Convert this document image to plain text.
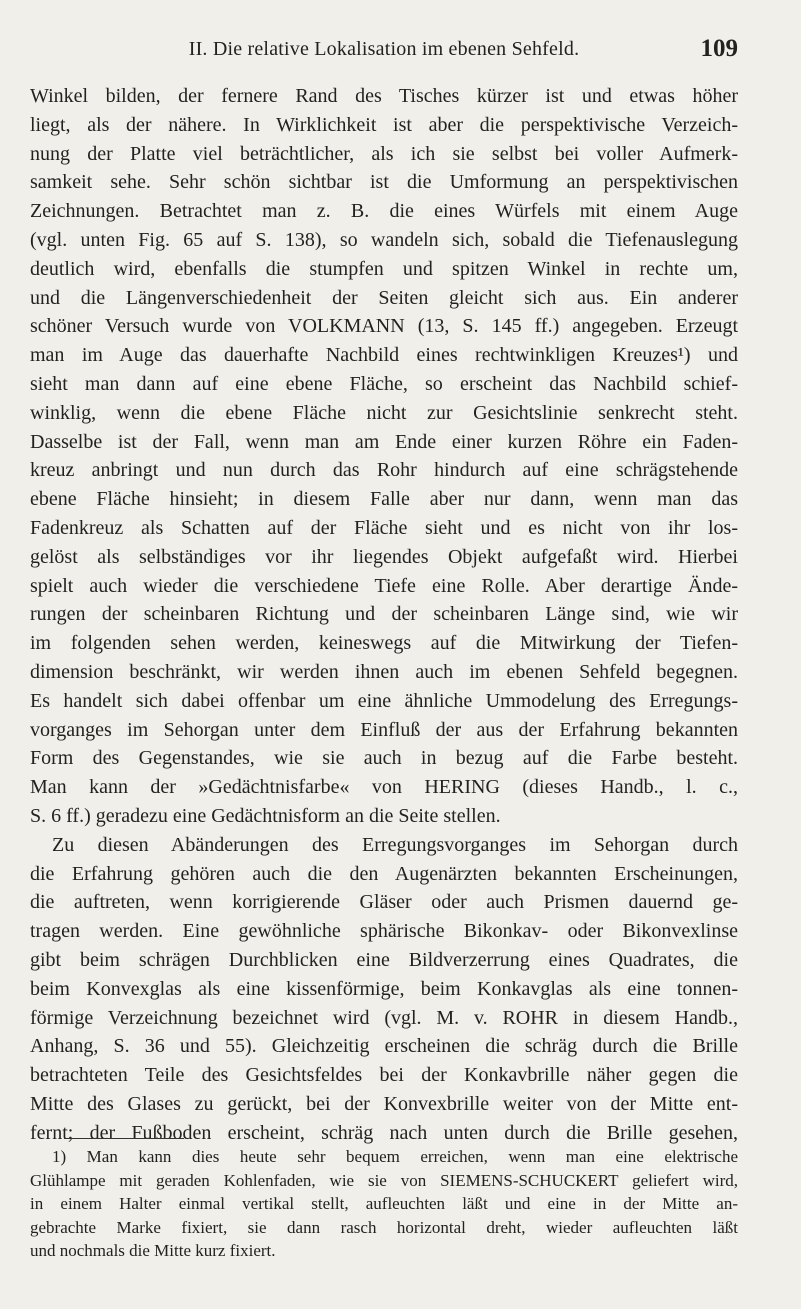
II. Die relative Lokalisation im ebenen Sehfeld.	109
Winkel bilden, der fernere Rand des Tisches kürzer ist und etwas höher
liegt, als der nähere. In Wirklichkeit ist aber die perspektivische Verzeich-
nung der Platte viel beträchtlicher, als ich sie selbst bei voller Aufmerk-
samkeit sehe. Sehr schön sichtbar ist die Umformung an perspektivischen
Zeichnungen. Betrachtet man z. B. die eines Würfels mit einem Auge
(vgl. unten Fig. 65 auf S. 138), so wandeln sich, sobald die Tiefenauslegung
deutlich wird, ebenfalls die stumpfen und spitzen Winkel in rechte um,
und die Längenverschiedenheit der Seiten gleicht sich aus. Ein anderer
schöner Versuch wurde von VOLKMANN (13, S. 145 ff.) angegeben. Erzeugt
man im Auge das dauerhafte Nachbild eines rechtwinkligen Kreuzes¹) und
sieht man dann auf eine ebene Fläche, so erscheint das Nachbild schief-
winklig, wenn die ebene Fläche nicht zur Gesichtslinie senkrecht steht.
Dasselbe ist der Fall, wenn man am Ende einer kurzen Röhre ein Faden-
kreuz anbringt und nun durch das Rohr hindurch auf eine schrägstehende
ebene Fläche hinsieht; in diesem Falle aber nur dann, wenn man das
Fadenkreuz als Schatten auf der Fläche sieht und es nicht von ihr los-
gelöst als selbständiges vor ihr liegendes Objekt aufgefaßt wird. Hierbei
spielt auch wieder die verschiedene Tiefe eine Rolle. Aber derartige Ände-
rungen der scheinbaren Richtung und der scheinbaren Länge sind, wie wir
im folgenden sehen werden, keineswegs auf die Mitwirkung der Tiefen-
dimension beschränkt, wir werden ihnen auch im ebenen Sehfeld begegnen.
Es handelt sich dabei offenbar um eine ähnliche Ummodelung des Erregungs-
vorganges im Sehorgan unter dem Einfluß der aus der Erfahrung bekannten
Form des Gegenstandes, wie sie auch in bezug auf die Farbe besteht.
Man kann der »Gedächtnisfarbe« von HERING (dieses Handb., l. c.,
S. 6 ff.) geradezu eine Gedächtnisform an die Seite stellen.
Zu diesen Abänderungen des Erregungsvorganges im Sehorgan durch
die Erfahrung gehören auch die den Augenärzten bekannten Erscheinungen,
die auftreten, wenn korrigierende Gläser oder auch Prismen dauernd ge-
tragen werden. Eine gewöhnliche sphärische Bikonkav- oder Bikonvexlinse
gibt beim schrägen Durchblicken eine Bildverzerrung eines Quadrates, die
beim Konvexglas als eine kissenförmige, beim Konkavglas als eine tonnen-
förmige Verzeichnung bezeichnet wird (vgl. M. v. ROHR in diesem Handb.,
Anhang, S. 36 und 55). Gleichzeitig erscheinen die schräg durch die Brille
betrachteten Teile des Gesichtsfeldes bei der Konkavbrille näher gegen die
Mitte des Glases zu gerückt, bei der Konvexbrille weiter von der Mitte ent-
fernt; der Fußboden erscheint, schräg nach unten durch die Brille gesehen,
1) Man kann dies heute sehr bequem erreichen, wenn man eine elektrische
Glühlampe mit geraden Kohlenfaden, wie sie von SIEMENS-SCHUCKERT geliefert wird,
in einem Halter einmal vertikal stellt, aufleuchten läßt und eine in der Mitte an-
gebrachte Marke fixiert, sie dann rasch horizontal dreht, wieder aufleuchten läßt
und nochmals die Mitte kurz fixiert.
